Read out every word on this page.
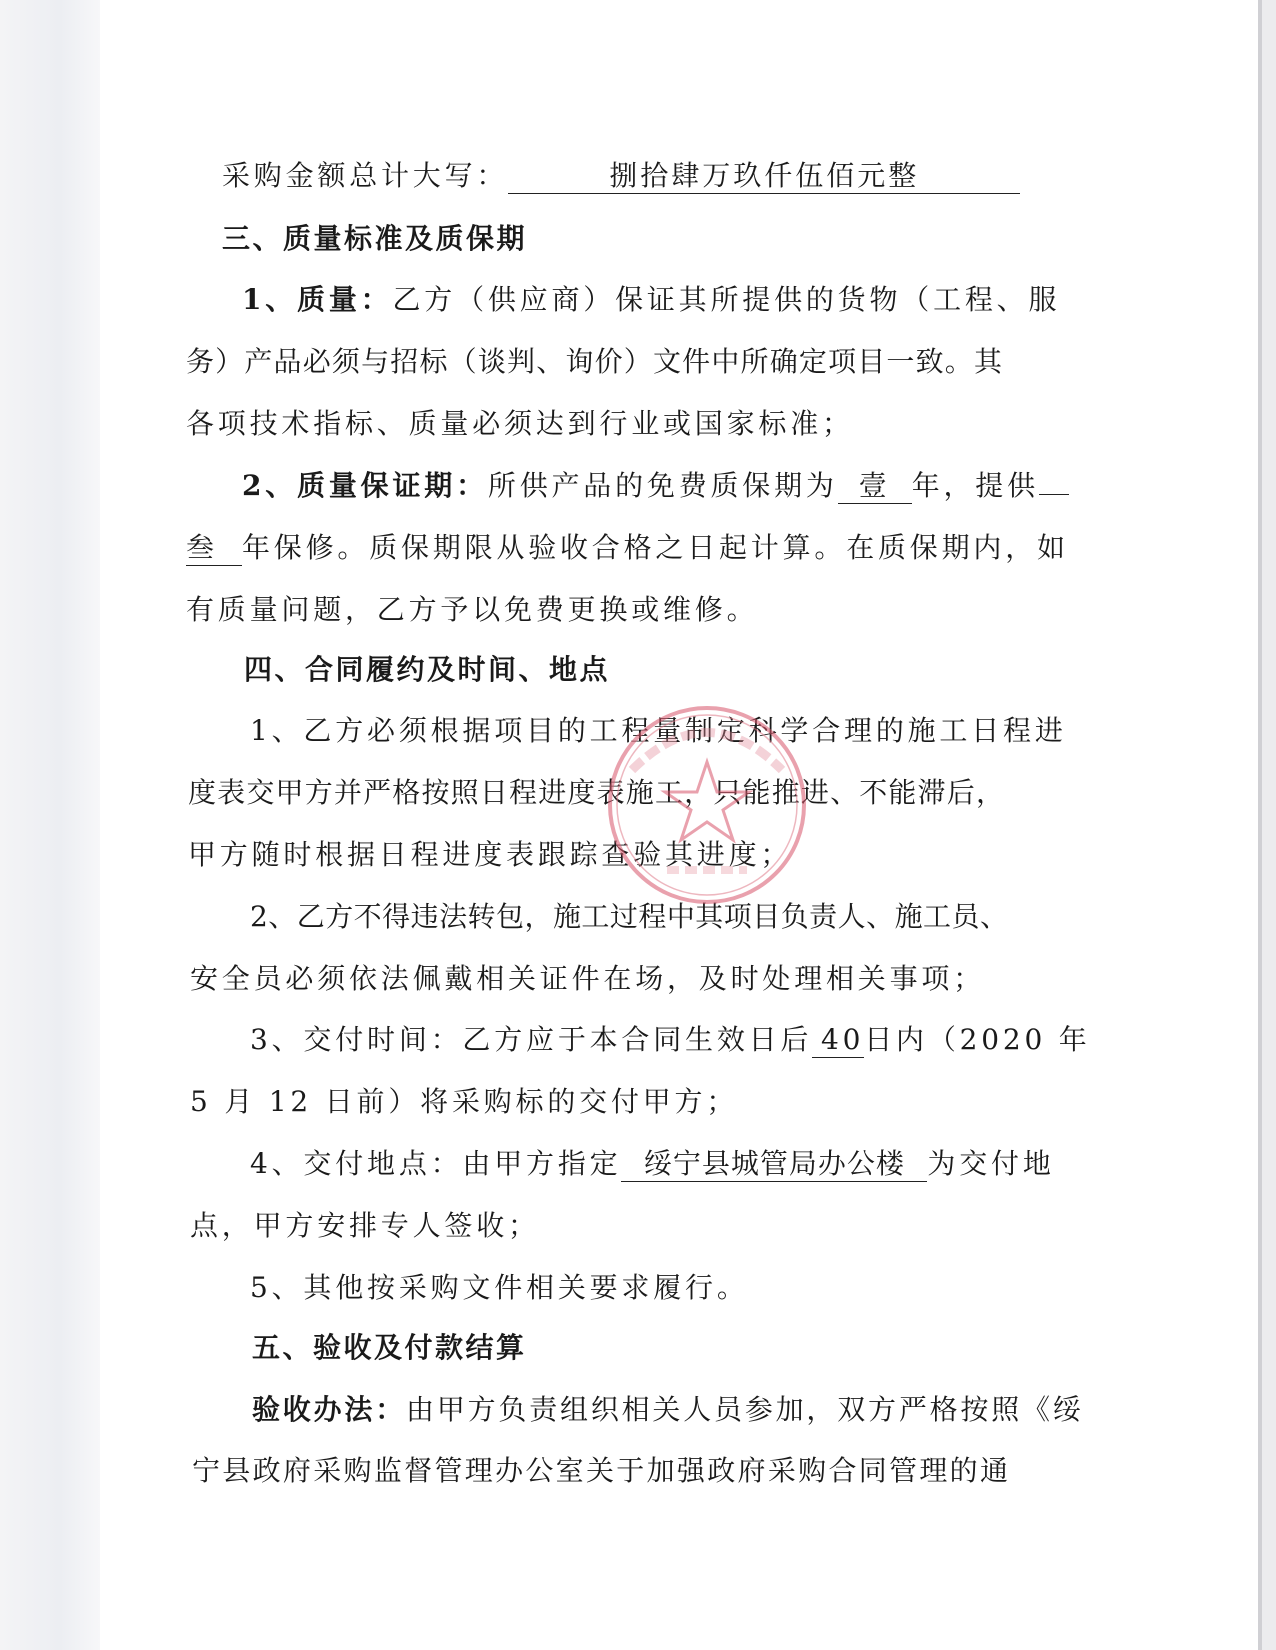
采购金额总计大写：	捌拾肆万玖仟伍佰元整
三、质量标准及质保期
1、质量：乙方（供应商）保证其所提供的货物（工程、服
务）产品必须与招标（谈判、询价）文件中所确定项目一致。其
各项技术指标、质量必须达到行业或国家标准；
2、质量保证期：所供产品的免费质保期为 壹 年，提供
叁 年保修。质保期限从验收合格之日起计算。在质保期内，如
有质量问题，乙方予以免费更换或维修。
四、合同履约及时间、地点
1、乙方必须根据项目的工程量制定科学合理的施工日程进
度表交甲方并严格按照日程进度表施工，只能推进、不能滞后，
甲方随时根据日程进度表跟踪查验其进度；
2、乙方不得违法转包，施工过程中其项目负责人、施工员、
安全员必须依法佩戴相关证件在场，及时处理相关事项；
3、交付时间：乙方应于本合同生效日后 40日内（2020 年
5 月 12 日前）将采购标的交付甲方；
4、交付地点：由甲方指定 绥宁县城管局办公楼 为交付地
点，甲方安排专人签收；
5、其他按采购文件相关要求履行。
五、验收及付款结算
验收办法：由甲方负责组织相关人员参加，双方严格按照《绥
宁县政府采购监督管理办公室关于加强政府采购合同管理的通
